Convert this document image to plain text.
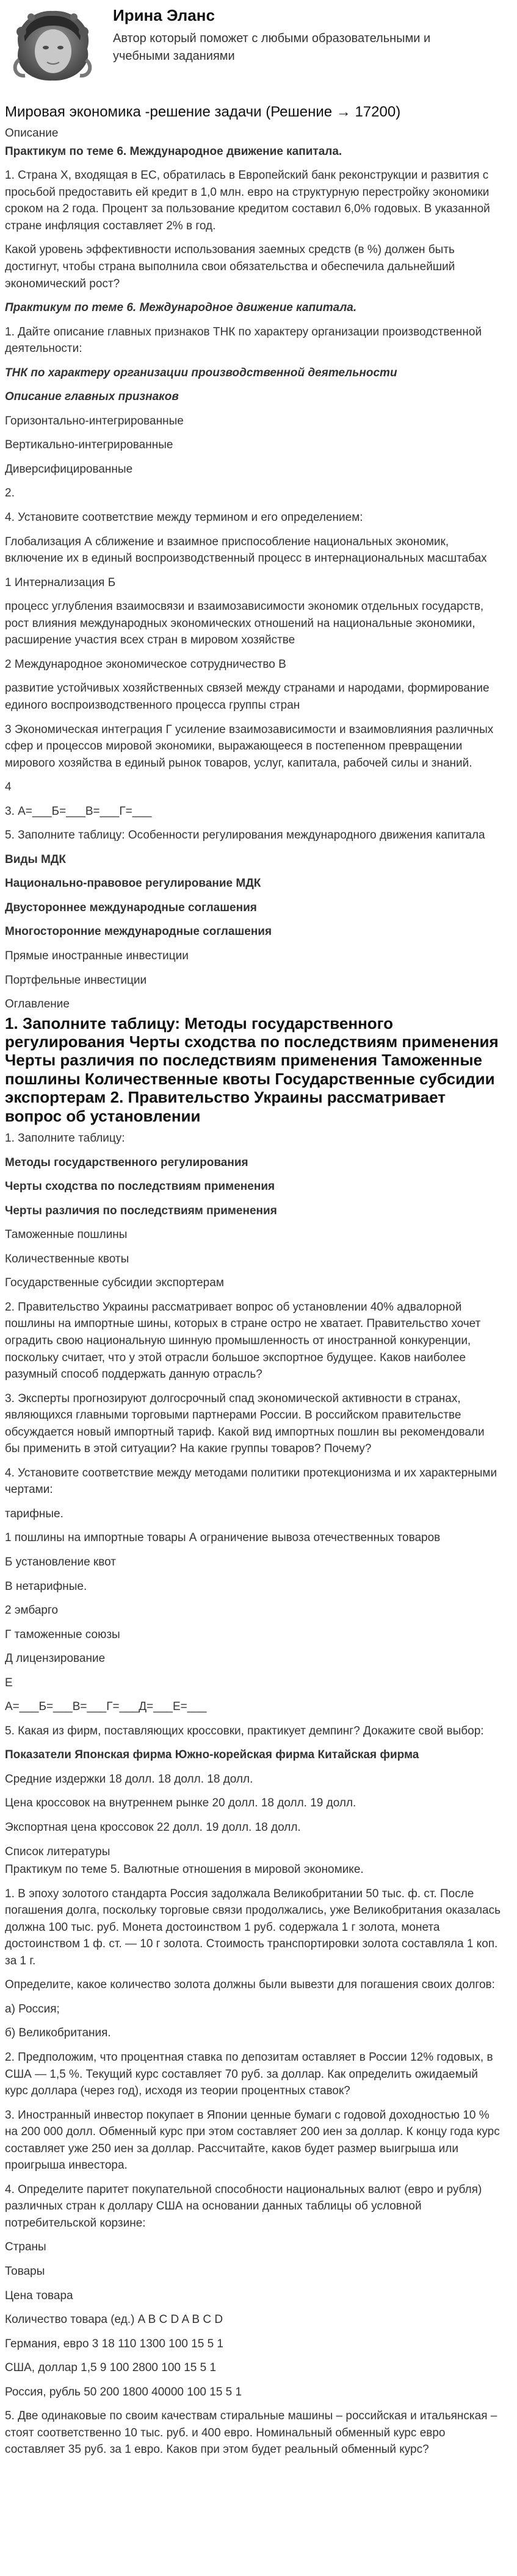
Ирина Эланс
Автор который поможет с любыми образовательными и учебными заданиями
Мировая экономика -решение задачи (Решение → 17200)
Описание

Практикум по теме 6. Международное движение капитала.

1. Страна X, входящая в ЕС, обратилась в Европейский банк реконструкции и развития с просьбой предоставить ей кредит в 1,0 млн. евро на структурную перестройку экономики сроком на 2 года. Процент за пользование кредитом составил 6,0% годовых. В указанной стране инфляция составляет 2% в год.

Какой уровень эффективности использования заемных средств (в %) должен быть достигнут, чтобы страна выполнила свои обязательства и обеспечила дальнейший экономический рост?

Практикум по теме 6. Международное движение капитала.

1. Дайте описание главных признаков ТНК по характеру организации производственной деятельности:

ТНК по характеру организации производственной деятельности

Описание главных признаков

Горизонтально-интегрированные

Вертикально-интегрированные

Диверсифицированные

2.

4. Установите соответствие между термином и его определением:

Глобализация А сближение и взаимное приспособление национальных экономик, включение их в единый воспроизводственный процесс в интернациональных масштабах

1 Интернализация Б

процесс углубления взаимосвязи и взаимозависимости экономик отдельных государств, рост влияния международных экономических отношений на национальные экономики, расширение участия всех стран в мировом хозяйстве

2 Международное экономическое сотрудничество В

развитие устойчивых хозяйственных связей между странами и народами, формирование единого воспроизводственного процесса группы стран

3 Экономическая интеграция Г усиление взаимозависимости и взаимовлияния различных сфер и процессов мировой экономики, выражающееся в постепенном превращении мирового хозяйства в единый рынок товаров, услуг, капитала, рабочей силы и знаний.

4

3. А=___Б=___В=___Г=___

5. Заполните таблицу: Особенности регулирования международного движения капитала

Виды МДК

Национально-правовое регулирование МДК

Двустороннее международные соглашения

Многосторонние международные соглашения

Прямые иностранные инвестиции

Портфельные инвестиции

Оглавление

1. Заполните таблицу: Методы государственного регулирования Черты сходства по последствиям применения Черты различия по последствиям применения Таможенные пошлины Количественные квоты Государственные субсидии экспортерам 2. Правительство Украины рассматривает вопрос об установлении

1. Заполните таблицу:

Методы государственного регулирования

Черты сходства по последствиям применения

Черты различия по последствиям применения

Таможенные пошлины

Количественные квоты

Государственные субсидии экспортерам

2. Правительство Украины рассматривает вопрос об установлении 40% адвалорной пошлины на импортные шины, которых в стране остро не хватает. Правительство хочет оградить свою национальную шинную промышленность от иностранной конкуренции, поскольку считает, что у этой отрасли большое экспортное будущее. Каков наиболее разумный способ поддержать данную отрасль?

3. Эксперты прогнозируют долгосрочный спад экономической активности в странах, являющихся главными торговыми партнерами России. В российском правительстве обсуждается новый импортный тариф. Какой вид импортных пошлин вы рекомендовали бы применить в этой ситуации? На какие группы товаров? Почему?

4. Установите соответствие между методами политики протекционизма и их характерными чертами:

тарифные.

1 пошлины на импортные товары А ограничение вывоза отечественных товаров

Б установление квот

В нетарифные.

2 эмбарго

Г таможенные союзы

Д лицензирование

Е

А=___Б=___В=___Г=___Д=___Е=___

5. Какая из фирм, поставляющих кроссовки, практикует демпинг? Докажите свой выбор:

Показатели Японская фирма Южно-корейская фирма Китайская фирма

Средние издержки 18 долл. 18 долл. 18 долл.

Цена кроссовок на внутреннем рынке 20 долл. 18 долл. 19 долл.

Экспортная цена кроссовок 22 долл. 19 долл. 18 долл.

Список литературы

Практикум по теме 5. Валютные отношения в мировой экономике.

1. В эпоху золотого стандарта Россия задолжала Великобритании 50 тыс. ф. ст. После погашения долга, поскольку торговые связи продолжались, уже Великобритания оказалась должна 100 тыс. руб. Монета достоинством 1 руб. содержала 1 г золота, монета достоинством 1 ф. ст. — 10 г золота. Стоимость транспортировки золота составляла 1 коп. за 1 г.

Определите, какое количество золота должны были вывезти для погашения своих долгов:

а) Россия;

б) Великобритания.

2. Предположим, что процентная ставка по депозитам оставляет в России 12% годовых, в США — 1,5 %. Текущий курс составляет 70 руб. за доллар. Как определить ожидаемый курс доллара (через год), исходя из теории процентных ставок?

3. Иностранный инвестор покупает в Японии ценные бумаги с годовой доходностью 10 % на 200 000 долл. Обменный курс при этом составляет 200 иен за доллар. К концу года курс составляет уже 250 иен за доллар. Рассчитайте, каков будет размер выигрыша или проигрыша инвестора.

4. Определите паритет покупательной способности национальных валют (евро и рубля) различных стран к доллару США на основании данных таблицы об условной потребительской корзине:

Страны

Товары

Цена товара

Количество товара (ед.) A B C D A B C D

Германия, евро 3 18 110 1300 100 15 5 1

США, доллар 1,5 9 100 2800 100 15 5 1

Россия, рубль 50 200 1800 40000 100 15 5 1

5. Две одинаковые по своим качествам стиральные машины – российская и итальянская – стоят соответственно 10 тыс. руб. и 400 евро. Номинальный обменный курс евро составляет 35 руб. за 1 евро. Каков при этом будет реальный обменный курс?
